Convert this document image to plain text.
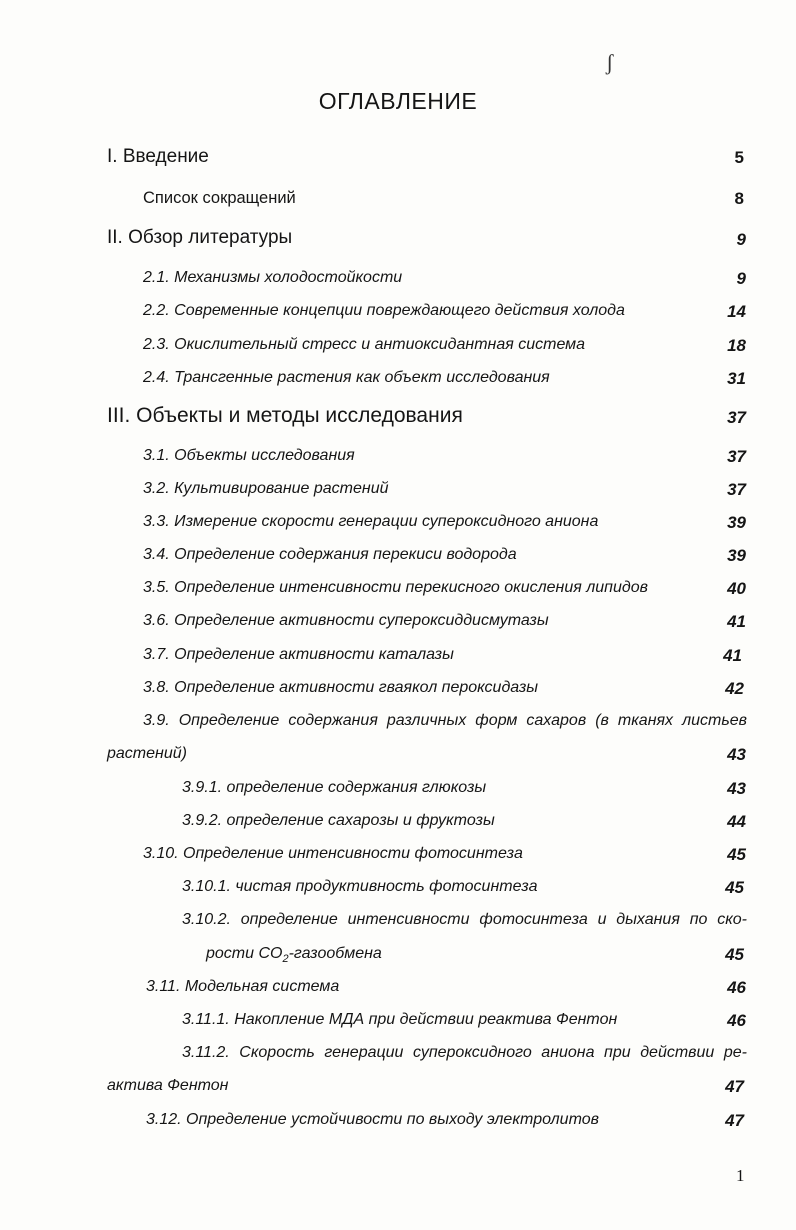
ʃ
ОГЛАВЛЕНИЕ
I. Введение	5
Список сокращений	8
II. Обзор литературы	9
2.1. Механизмы холодостойкости	9
2.2. Современные концепции повреждающего действия холода	14
2.3. Окислительный стресс и антиоксидантная система	18
2.4. Трансгенные растения как объект исследования	31
III. Объекты и методы исследования	37
3.1. Объекты исследования	37
3.2. Культивирование растений	37
3.3. Измерение скорости генерации супероксидного аниона	39
3.4. Определение содержания перекиси водорода	39
3.5. Определение интенсивности перекисного окисления липидов	40
3.6. Определение активности супероксиддисмутазы	41
3.7. Определение активности каталазы	41
3.8. Определение активности гваякол пероксидазы	42
3.9. Определение содержания различных форм сахаров (в тканях листьев
растений)	43
3.9.1. определение содержания глюкозы	43
3.9.2. определение сахарозы и фруктозы	44
3.10. Определение интенсивности фотосинтеза	45
3.10.1. чистая продуктивность фотосинтеза	45
3.10.2. определение интенсивности фотосинтеза и дыхания по ско-
рости $CO_2$-газообмена	45
3.11. Модельная система	46
3.11.1. Накопление МДА при действии реактива Фентон	46
3.11.2. Скорость генерации супероксидного аниона при действии ре-
актива Фентон	47
3.12. Определение устойчивости по выходу электролитов	47
1
